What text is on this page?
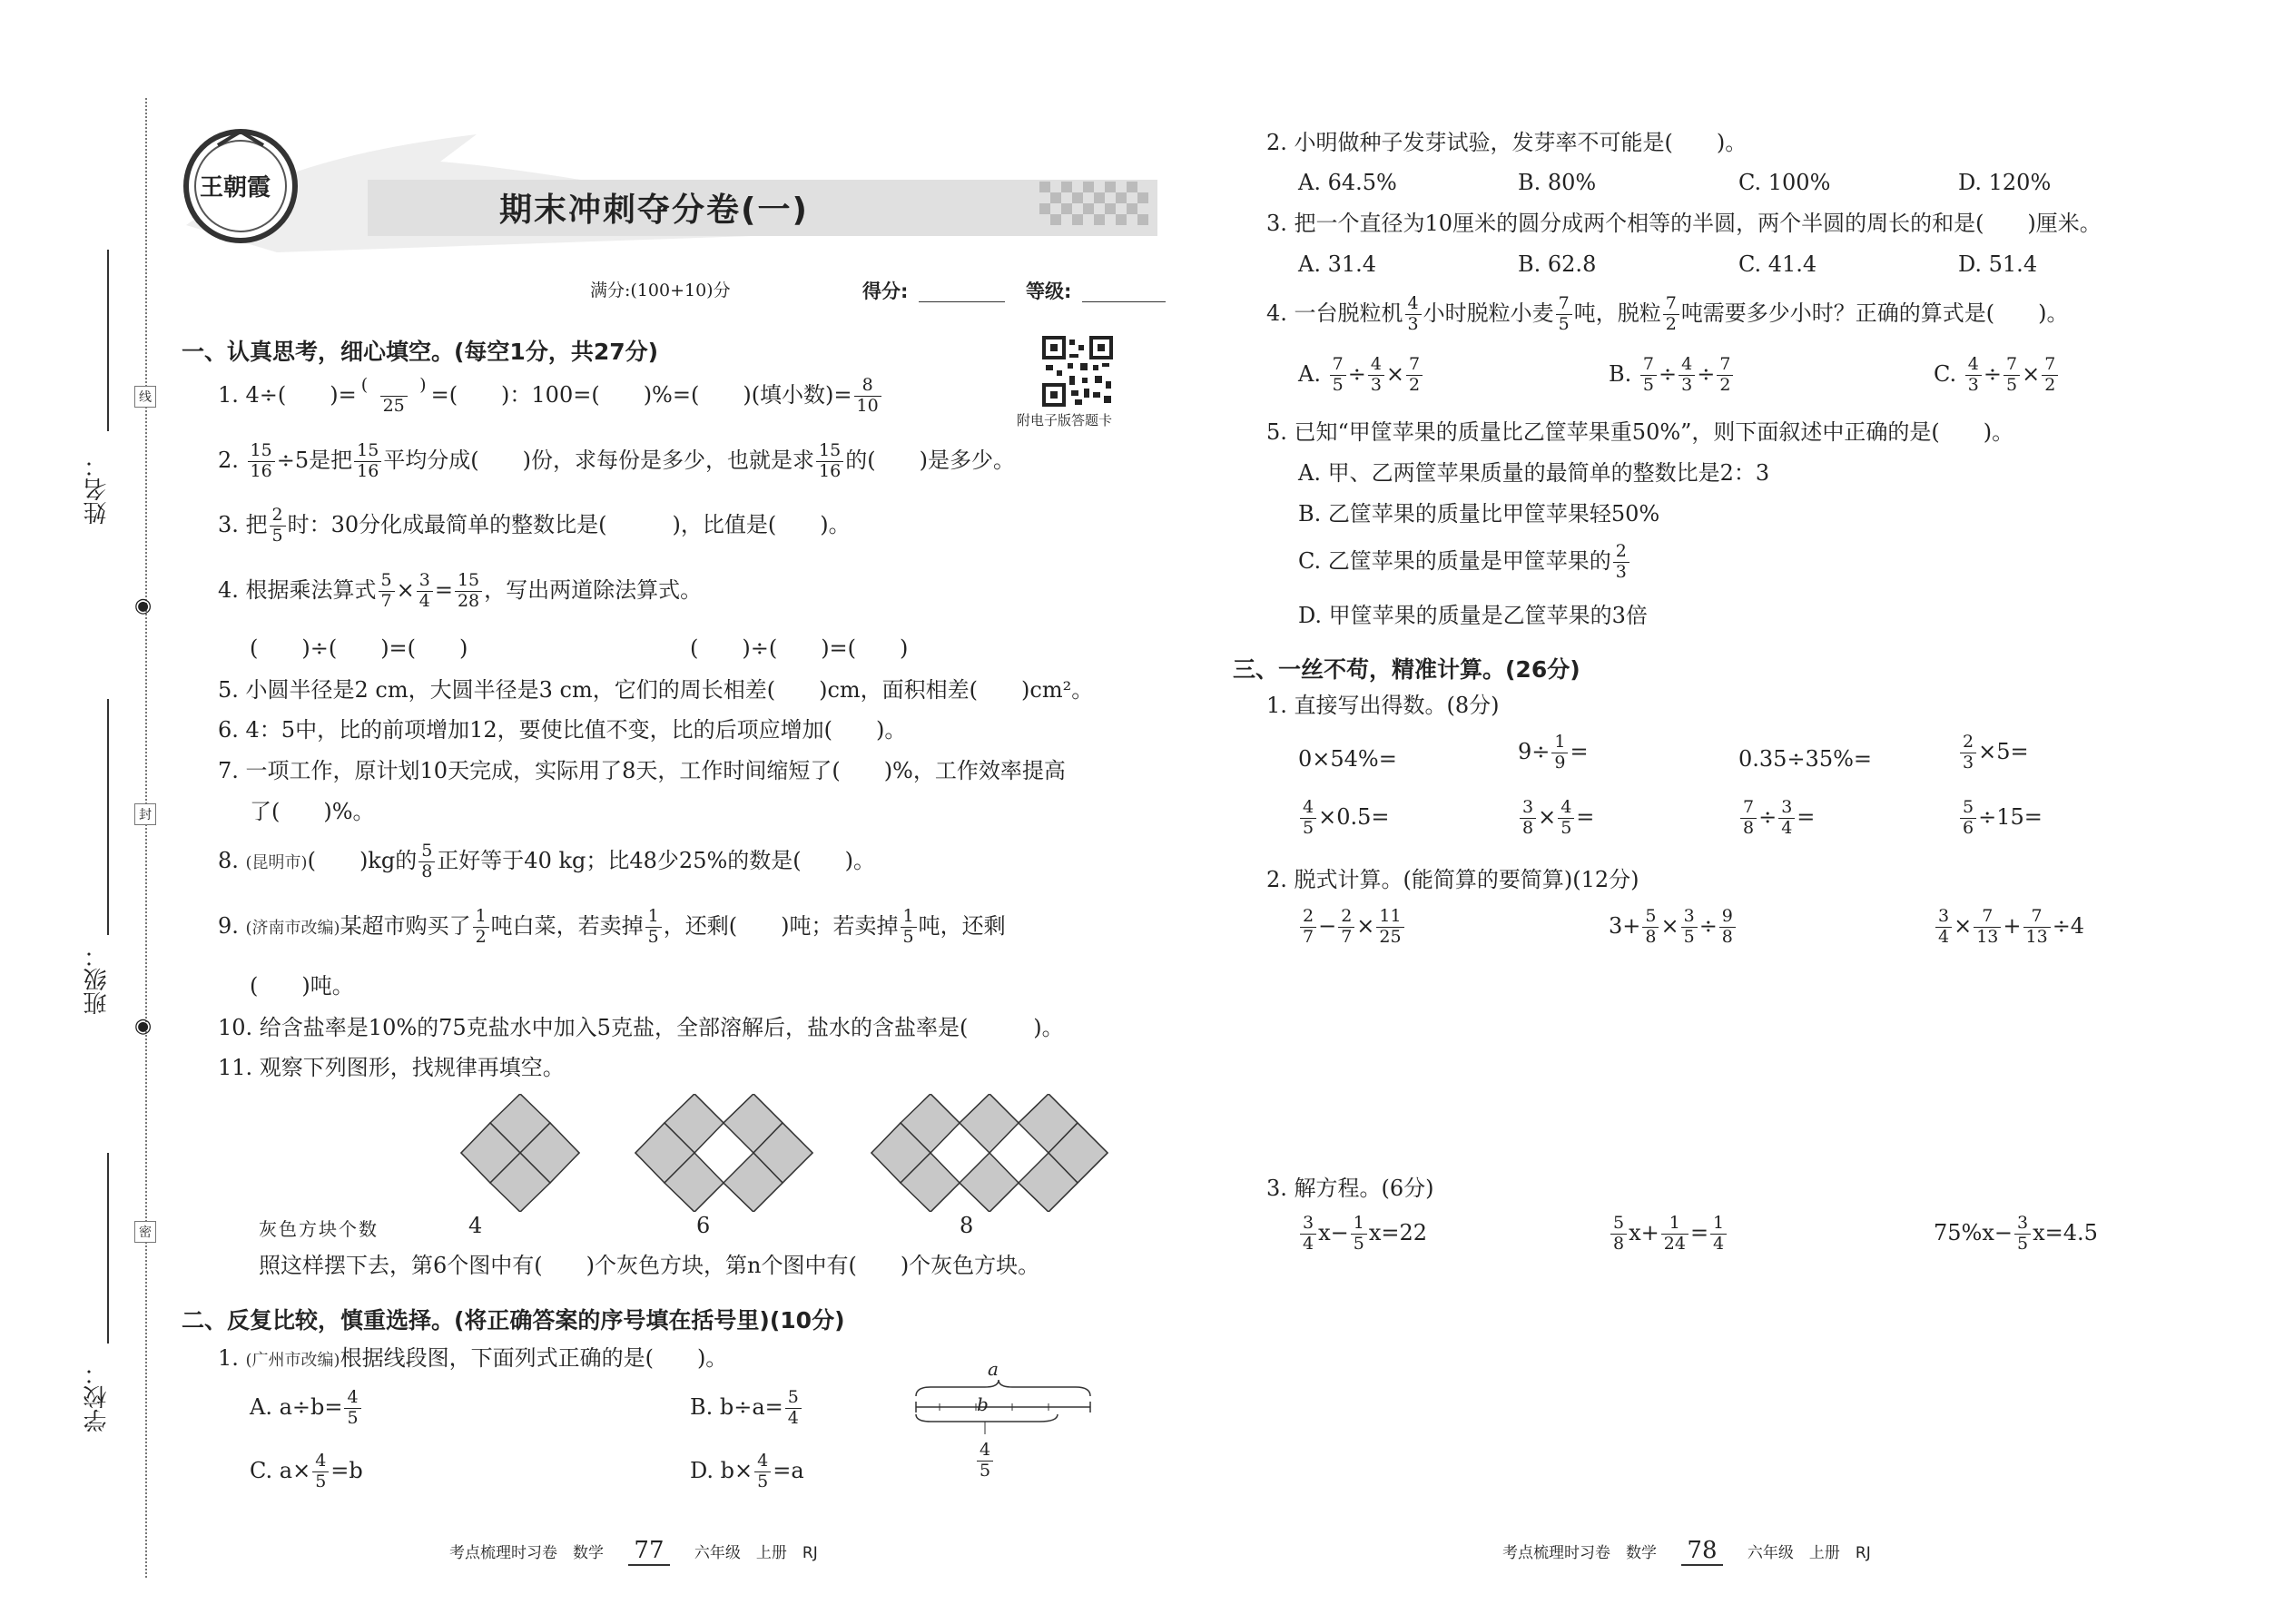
姓名：
班级：
学校：
线
封
密
◉
◉
王朝霞
期末冲刺夺分卷(一)
满分:(100+10)分	得分:	等级:
附电子版答题卡
一、认真思考，细心填空。(每空1分，共27分)
1. 4÷(　　)= (　　　)
25 =(　　)：100=(　　)%=(　　)(填小数)= $\frac{8}{10}$
2. $\frac{15}{16} \div 5$是把 $\frac{15}{16}$ 平均分成(　　)份，求每份是多少，也就是求 $\frac{15}{16}$ 的(　　)是多少。
3. 把 $\frac{2}{5}$ 时：30分化成最简单的整数比是(　　　)，比值是(　　)。
4. 根据乘法算式 $\frac{5}{7} \times \frac{3}{4} = \frac{15}{28}$ ，写出两道除法算式。
(　　)÷(　　)=(　　)	(　　)÷(　　)=(　　)
5. 小圆半径是2 cm，大圆半径是3 cm，它们的周长相差(　　)cm，面积相差(　　)cm²。
6. 4：5中，比的前项增加12，要使比值不变，比的后项应增加(　　)。
7. 一项工作，原计划10天完成，实际用了8天，工作时间缩短了(　　)%，工作效率提高
了(　　)%。
8. (昆明市)(　　)kg的 $\frac{5}{8}$ 正好等于40 kg；比48少25%的数是(　　)。
9. (济南市改编)某超市购买了 $\frac{1}{2}$ 吨白菜，若卖掉 $\frac{1}{5}$ ，还剩(　　)吨；若卖掉 $\frac{1}{5}$ 吨，还剩
(　　)吨。
10. 给含盐率是10%的75克盐水中加入5克盐，全部溶解后，盐水的含盐率是(　　　)。
11. 观察下列图形，找规律再填空。
灰色方块个数	4	6	8
照这样摆下去，第6个图中有(　　)个灰色方块，第n个图中有(　　)个灰色方块。
二、反复比较，慎重选择。(将正确答案的序号填在括号里)(10分)
1. (广州市改编)根据线段图，下面列式正确的是(　　)。
A. $a\div b= \frac{4}{5}$	B. $b\div a= \frac{5}{4}$
C. $a\times \frac{4}{5} =b$	D. $b\times \frac{4}{5} =a$
a
b
$\frac{4}{5}$
2. 小明做种子发芽试验，发芽率不可能是(　　)。
A. 64.5%	B. 80%	C. 100%	D. 120%
3. 把一个直径为10厘米的圆分成两个相等的半圆，两个半圆的周长的和是(　　)厘米。
A. 31.4	B. 62.8	C. 41.4	D. 51.4
4. 一台脱粒机 $\frac{4}{3}$ 小时脱粒小麦 $\frac{7}{5}$ 吨，脱粒 $\frac{7}{2}$ 吨需要多少小时？正确的算式是(　　)。
A. $\frac{7}{5} \div \frac{4}{3} \times \frac{7}{2}$	B. $\frac{7}{5} \div \frac{4}{3} \div \frac{7}{2}$	C. $\frac{4}{3} \div \frac{7}{5} \times \frac{7}{2}$
5. 已知“甲筐苹果的质量比乙筐苹果重50%”，则下面叙述中正确的是(　　)。
A. 甲、乙两筐苹果质量的最简单的整数比是2：3
B. 乙筐苹果的质量比甲筐苹果轻50%
C. 乙筐苹果的质量是甲筐苹果的 $\frac{2}{3}$
D. 甲筐苹果的质量是乙筐苹果的3倍
三、一丝不苟，精准计算。(26分)
1. 直接写出得数。(8分)
0×54%=	$9\div \frac{1}{9}$ =	0.35÷35%=	$\frac{2}{3} \times 5=$
$\frac{4}{5} \times 0.5=$	$\frac{3}{8} \times \frac{4}{5}$ =	$\frac{7}{8} \div \frac{3}{4}$ =	$\frac{5}{6} \div 15=$
2. 脱式计算。(能简算的要简算)(12分)
$\frac{2}{7} - \frac{2}{7} \times \frac{11}{25}$	$3+ \frac{5}{8} \times \frac{3}{5} \div \frac{9}{8}$	$\frac{3}{4} \times \frac{7}{13} + \frac{7}{13} \div 4$
3. 解方程。(6分)
$\frac{3}{4} x- \frac{1}{5} x=22$	$\frac{5}{8} x+ \frac{1}{24} = \frac{1}{4}$	$75\%x- \frac{3}{5} x=4.5$
考点梳理时习卷　数学 77 六年级　上册　RJ	考点梳理时习卷　数学 78 六年级　上册　RJ
